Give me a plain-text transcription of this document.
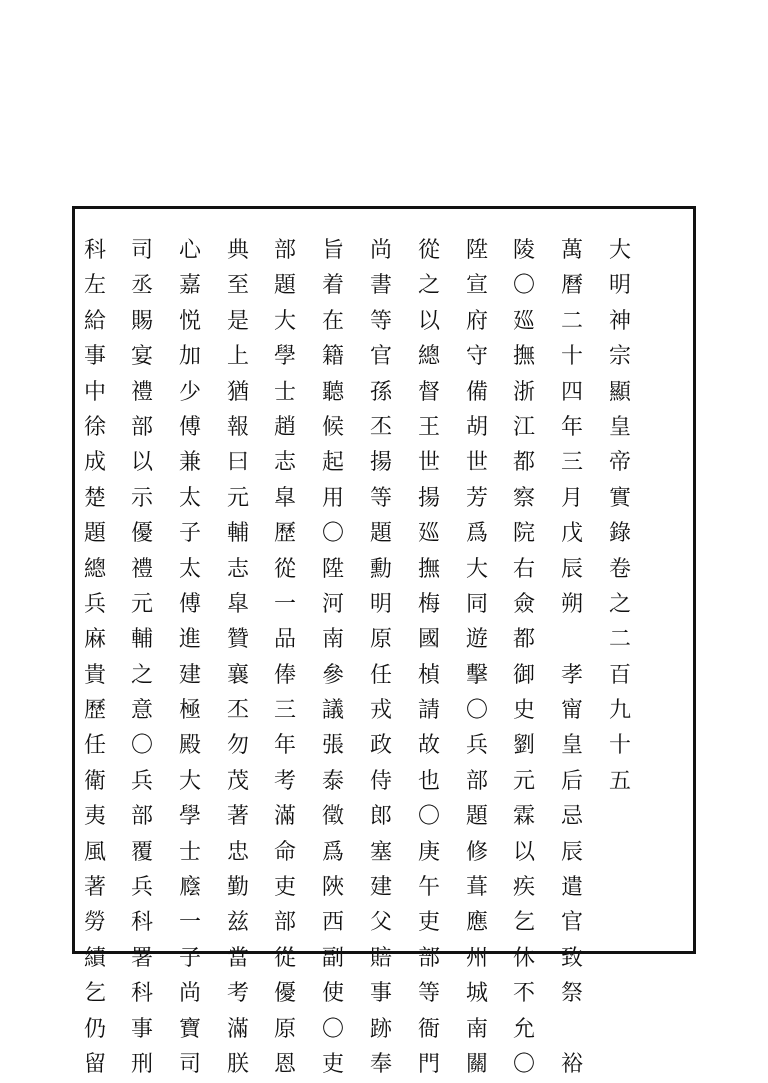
大
明
神
宗
顯
皇
帝
實
錄
卷
之
二
百
九
十
五
萬
曆
二
十
四
年
三
月
戊
辰
朔

孝
甯
皇
后
忌
辰
遣
官
致
祭

裕
陵
〇
廵
撫
浙
江
都
察
院
右
僉
都
御
史
劉
元
霖
以
疾
乞
休
不
允
〇
陞
宣
府
守
備
胡
世
芳
爲
大
同
遊
擊
〇
兵
部
題
修
葺
應
州
城
南
關
從
之
以
總
督
王
世
揚
廵
撫
梅
國
楨
請
故
也
〇
庚
午
吏
部
等
衙
門
尚
書
等
官
孫
丕
揚
等
題
勳
明
原
任
戎
政
侍
郎
塞
建
父
賠
事
跡
奉
旨
着
在
籍
聽
候
起
用
〇
陞
河
南
參
議
張
泰
徵
爲
陜
西
副
使
〇
吏
部
題
大
學
士
趙
志
皐
歷
從
一
品
俸
三
年
考
滿
命
吏
部
從
優
原
恩
典
至
是
上
猶
報
曰
元
輔
志
皐
贊
襄
丕
勿
茂
著
忠
勤
兹
當
考
滿
朕
心
嘉
悦
加
少
傅
兼
太
子
太
傅
進
建
極
殿
大
學
士
廕
一
子
尚
寶
司
司
丞
賜
宴
禮
部
以
示
優
禮
元
輔
之
意
〇
兵
部
覆
兵
科
署
科
事
刑
科
左
給
事
中
徐
成
楚
題
總
兵
麻
貴
歷
任
衛
夷
風
著
勞
績
乞
仍
留
